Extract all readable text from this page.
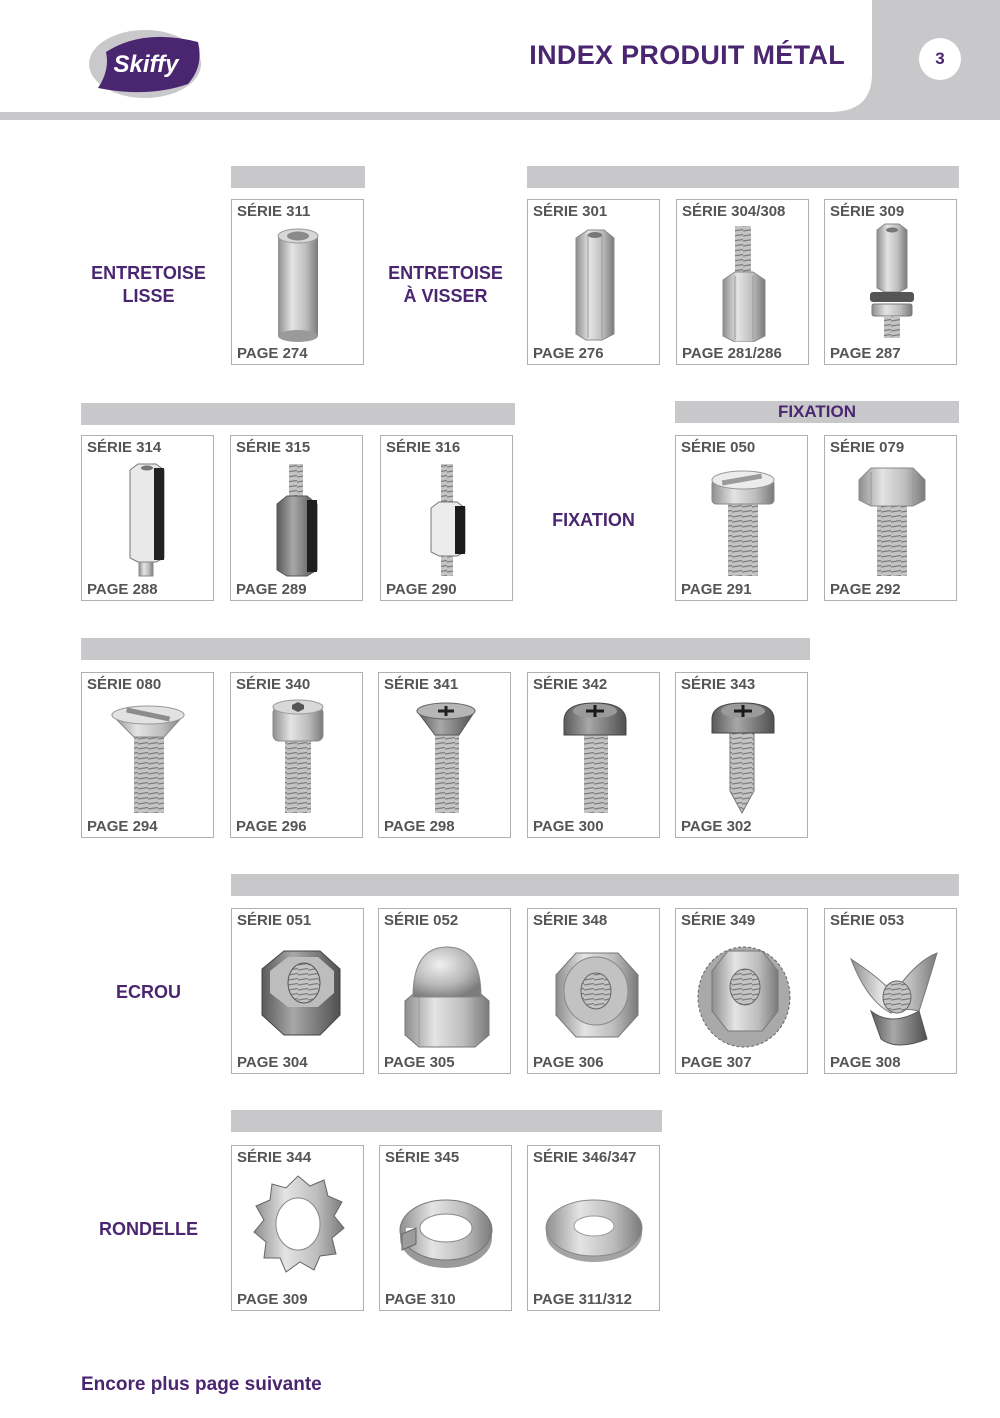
Skiffy	INDEX PRODUIT MÉTAL	3
FIXATION
ENTRETOISE
LISSE
ENTRETOISE
À VISSER
FIXATION
ECROU
RONDELLE
SÉRIE 311
PAGE 274
SÉRIE 301
PAGE 276
SÉRIE 304/308
PAGE 281/286
SÉRIE 309
PAGE 287
SÉRIE 314
PAGE 288
SÉRIE 315
PAGE 289
SÉRIE 316
PAGE 290
SÉRIE 050
PAGE 291
SÉRIE 079
PAGE 292
SÉRIE 080
PAGE 294
SÉRIE 340
PAGE 296
SÉRIE 341
PAGE 298
SÉRIE 342
PAGE 300
SÉRIE 343
PAGE 302
SÉRIE 051
PAGE 304
SÉRIE 052
PAGE 305
SÉRIE 348
PAGE 306
SÉRIE 349
PAGE 307
SÉRIE 053
PAGE 308
SÉRIE 344
PAGE 309
SÉRIE 345
PAGE 310
SÉRIE 346/347
PAGE 311/312
Encore plus page suivante
